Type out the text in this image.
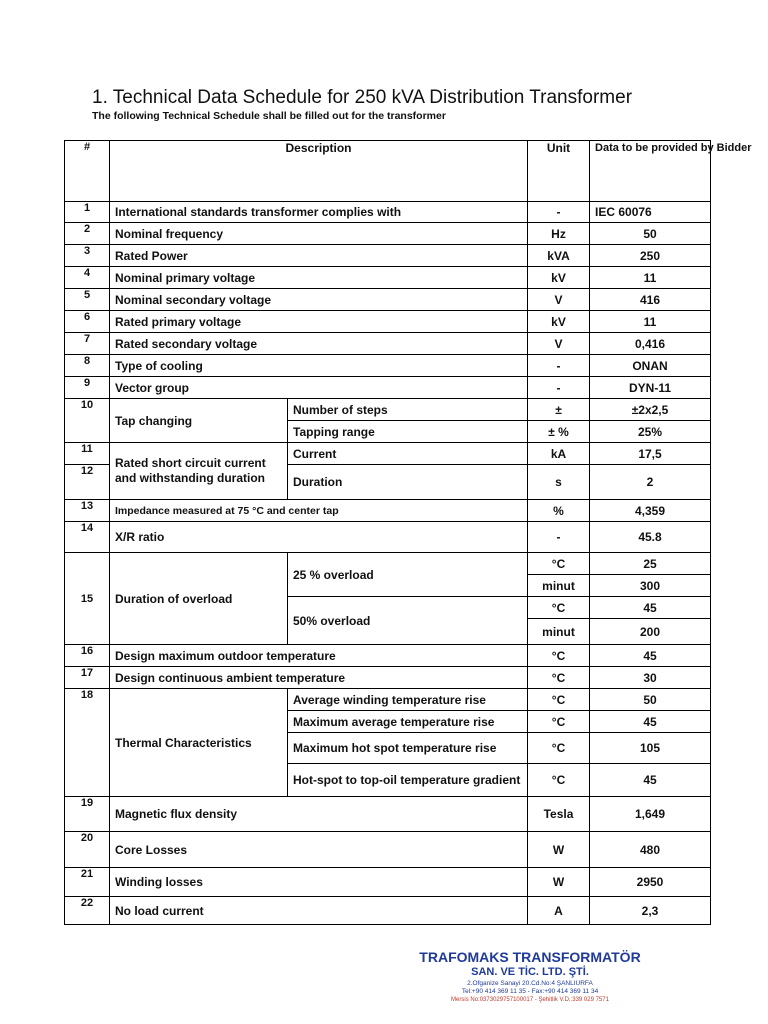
1. Technical Data Schedule for 250 kVA Distribution Transformer
The following Technical Schedule shall be filled out for the transformer
#	Description		Unit	Data to be provided by Bidder
1	International standards transformer complies with		-	IEC 60076
2	Nominal frequency		Hz	50
3	Rated Power		kVA	250
4	Nominal primary voltage		kV	11
5	Nominal secondary voltage		V	416
6	Rated primary voltage		kV	11
7	Rated secondary voltage		V	0,416
8	Type of cooling		-	ONAN
9	Vector group		-	DYN-11
10	Tap changing	Number of steps	±	±2x2,5
		Tapping range	± %	25%
11	Rated short circuit current and withstanding duration	Current	kA	17,5
12		Duration	s	2
13	Impedance measured at 75 °C and center tap		%	4,359
14	X/R ratio		-	45.8
15	Duration of overload	25 % overload	°C	25
			minut	300
		50% overload	°C	45
			minut	200
16	Design maximum outdoor temperature		°C	45
17	Design continuous ambient temperature		°C	30
18	Thermal Characteristics	Average winding temperature rise	°C	50
		Maximum average temperature rise	°C	45
		Maximum hot spot temperature rise	°C	105
		Hot-spot to top-oil temperature gradient	°C	45
19	Magnetic flux density		Tesla	1,649
20	Core Losses		W	480
21	Winding losses		W	2950
22	No load current		A	2,3
TRAFOMAKS TRANSFORMATÖR
SAN. VE TİC. LTD. ŞTİ.
2.Ofganize Sanayi 20.Cd.No:4 ŞANLIURFA
Tel:+90 414 369 11 35 - Fax:+90 414 369 11 34
Mersis No:0373029757100017 - Şehitlik V.D.:339 029 7571
